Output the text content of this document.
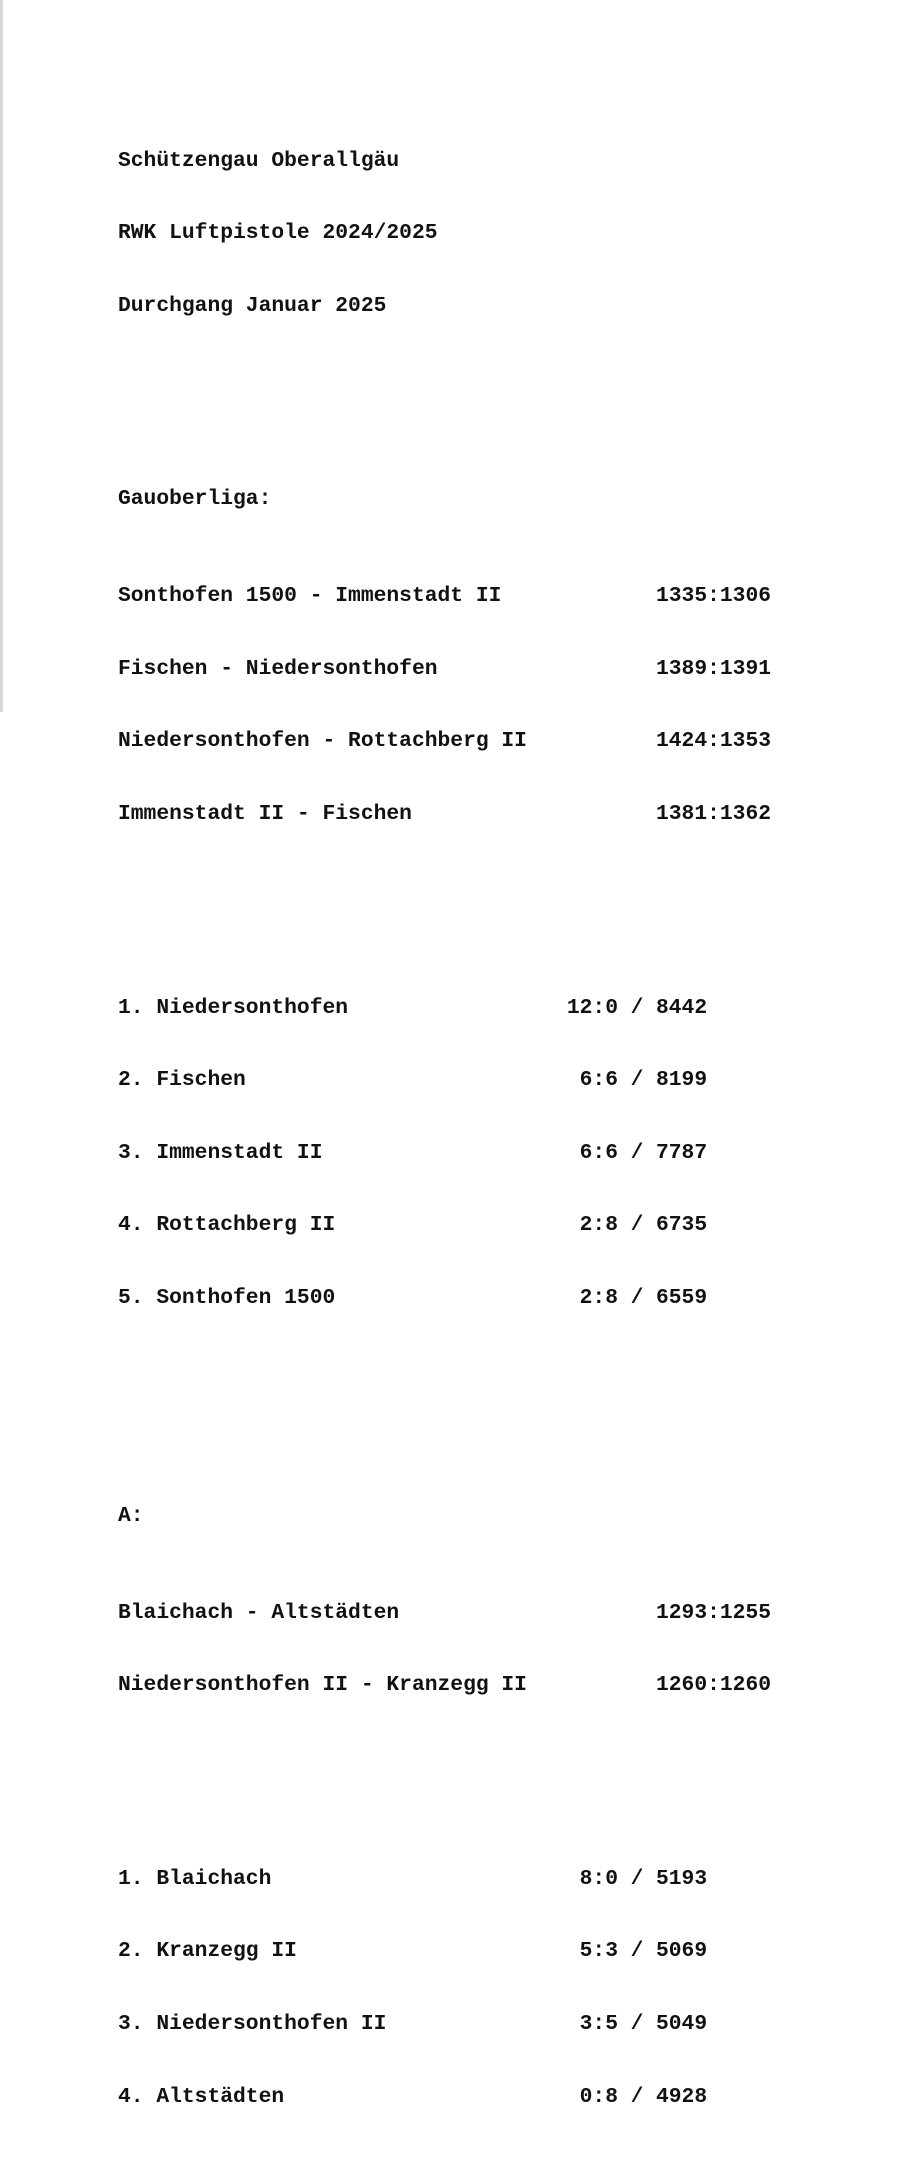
Schützengau Oberallgäu

RWK Luftpistole 2024/2025

Durchgang Januar 2025

Gauoberliga:

Sonthofen 1500 - Immenstadt II	1335:1306

Fischen - Niedersonthofen	1389:1391

Niedersonthofen - Rottachberg II	1424:1353

Immenstadt II - Fischen	1381:1362

1. Niedersonthofen	12:0 / 8442

2. Fischen	6:6 / 8199

3. Immenstadt II	6:6 / 7787

4. Rottachberg II	2:8 / 6735

5. Sonthofen 1500	2:8 / 6559

A:

Blaichach - Altstädten	1293:1255

Niedersonthofen II - Kranzegg II	1260:1260

1. Blaichach	8:0 / 5193

2. Kranzegg II	5:3 / 5069

3. Niedersonthofen II	3:5 / 5049

4. Altstädten	0:8 / 4928
